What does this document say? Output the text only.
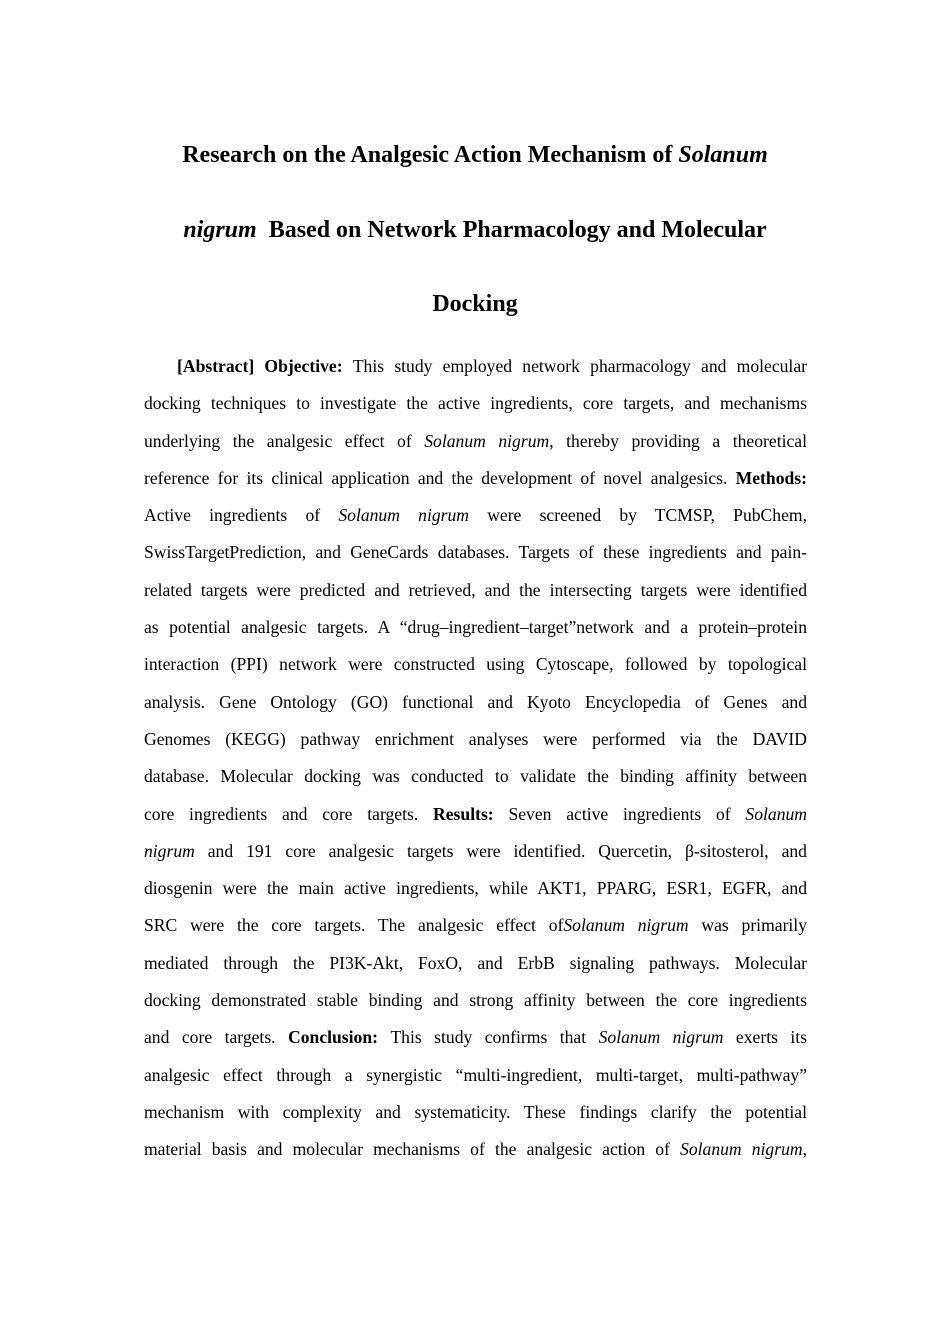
Research on the Analgesic Action Mechanism of Solanum
nigrum  Based on Network Pharmacology and Molecular
Docking
[Abstract] Objective: This study employed network pharmacology and molecular
docking techniques to investigate the active ingredients, core targets, and mechanisms
underlying the analgesic effect of Solanum nigrum, thereby providing a theoretical
reference for its clinical application and the development of novel analgesics. Methods:
Active ingredients of Solanum nigrum were screened by TCMSP, PubChem,
SwissTargetPrediction, and GeneCards databases. Targets of these ingredients and pain-
related targets were predicted and retrieved, and the intersecting targets were identified
as potential analgesic targets. A “drug–ingredient–target”network and a protein–protein
interaction (PPI) network were constructed using Cytoscape, followed by topological
analysis. Gene Ontology (GO) functional and Kyoto Encyclopedia of Genes and
Genomes (KEGG) pathway enrichment analyses were performed via the DAVID
database. Molecular docking was conducted to validate the binding affinity between
core ingredients and core targets. Results: Seven active ingredients of Solanum
nigrum and 191 core analgesic targets were identified. Quercetin, β-sitosterol, and
diosgenin were the main active ingredients, while AKT1, PPARG, ESR1, EGFR, and
SRC were the core targets. The analgesic effect ofSolanum nigrum was primarily
mediated through the PI3K-Akt, FoxO, and ErbB signaling pathways. Molecular
docking demonstrated stable binding and strong affinity between the core ingredients
and core targets. Conclusion: This study confirms that Solanum nigrum exerts its
analgesic effect through a synergistic “multi-ingredient, multi-target, multi-pathway”
mechanism with complexity and systematicity. These findings clarify the potential
material basis and molecular mechanisms of the analgesic action of Solanum nigrum,
